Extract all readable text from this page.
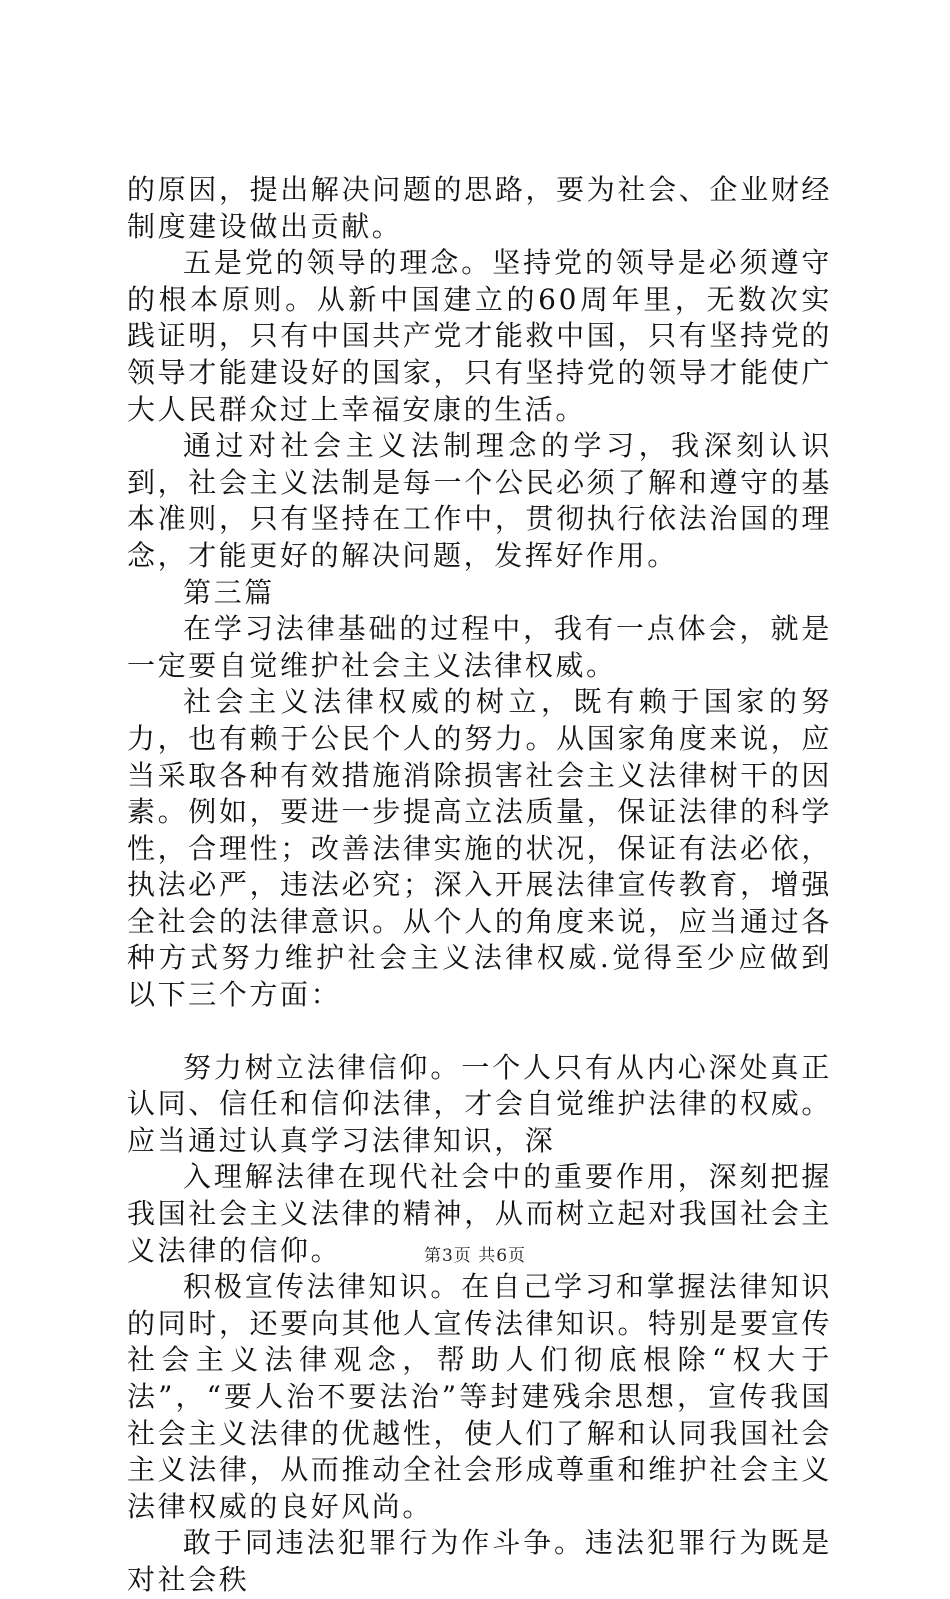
的原因，提出解决问题的思路，要为社会、企业财经制度建设做出贡献。

五是党的领导的理念。坚持党的领导是必须遵守的根本原则。从新中国建立的60周年里，无数次实践证明，只有中国共产党才能救中国，只有坚持党的领导才能建设好的国家，只有坚持党的领导才能使广大人民群众过上幸福安康的生活。

通过对社会主义法制理念的学习，我深刻认识到，社会主义法制是每一个公民必须了解和遵守的基本准则，只有坚持在工作中，贯彻执行依法治国的理念，才能更好的解决问题，发挥好作用。

第三篇

在学习法律基础的过程中，我有一点体会，就是一定要自觉维护社会主义法律权威。

社会主义法律权威的树立，既有赖于国家的努力，也有赖于公民个人的努力。从国家角度来说，应当采取各种有效措施消除损害社会主义法律树干的因素。例如，要进一步提高立法质量，保证法律的科学性，合理性；改善法律实施的状况，保证有法必依，执法必严，违法必究；深入开展法律宣传教育，增强全社会的法律意识。从个人的角度来说，应当通过各种方式努力维护社会主义法律权威.觉得至少应做到以下三个方面：

努力树立法律信仰。一个人只有从内心深处真正认同、信任和信仰法律，才会自觉维护法律的权威。应当通过认真学习法律知识，深

入理解法律在现代社会中的重要作用，深刻把握我国社会主义法律的精神，从而树立起对我国社会主义法律的信仰。

积极宣传法律知识。在自己学习和掌握法律知识的同时，还要向其他人宣传法律知识。特别是要宣传社会主义法律观念，帮助人们彻底根除“权大于法”，“要人治不要法治”等封建残余思想，宣传我国社会主义法律的优越性，使人们了解和认同我国社会主义法律，从而推动全社会形成尊重和维护社会主义法律权威的良好风尚。

敢于同违法犯罪行为作斗争。违法犯罪行为既是对社会秩

第3页 共6页
